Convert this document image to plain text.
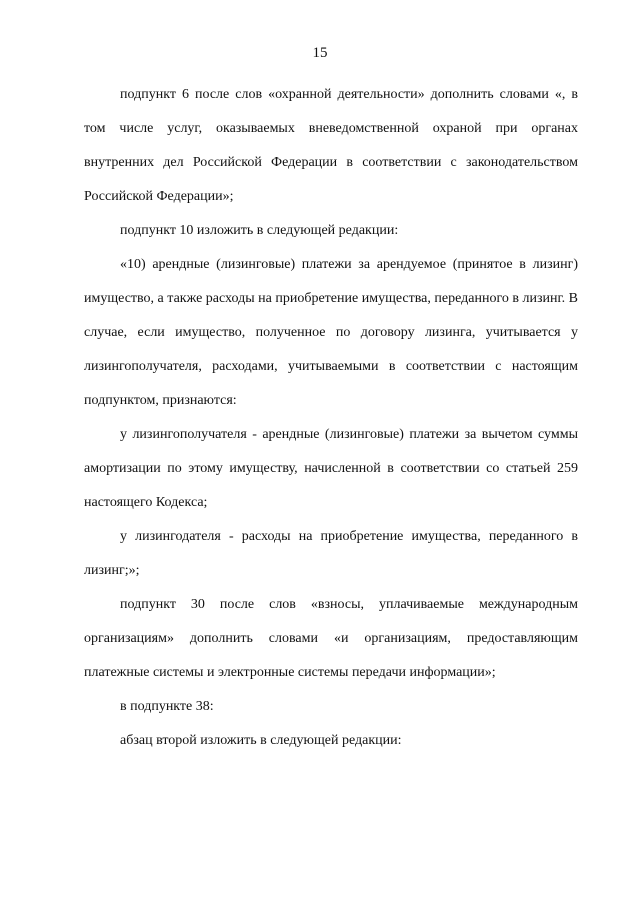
15

подпункт 6 после слов «охранной деятельности» дополнить словами «, в том числе услуг, оказываемых вневедомственной охраной при органах внутренних дел Российской Федерации в соответствии с законодательством Российской Федерации»;

подпункт 10 изложить в следующей редакции:

«10) арендные (лизинговые) платежи за арендуемое (принятое в лизинг) имущество, а также расходы на приобретение имущества, переданного в лизинг. В случае, если имущество, полученное по договору лизинга, учитывается у лизингополучателя, расходами, учитываемыми в соответствии с настоящим подпунктом, признаются:

у лизингополучателя - арендные (лизинговые) платежи за вычетом суммы амортизации по этому имуществу, начисленной в соответствии со статьей 259 настоящего Кодекса;

у лизингодателя - расходы на приобретение имущества, переданного в лизинг;»;

подпункт 30 после слов «взносы, уплачиваемые международным организациям» дополнить словами «и организациям, предоставляющим платежные системы и электронные системы передачи информации»;

в подпункте 38:

абзац второй изложить в следующей редакции:
